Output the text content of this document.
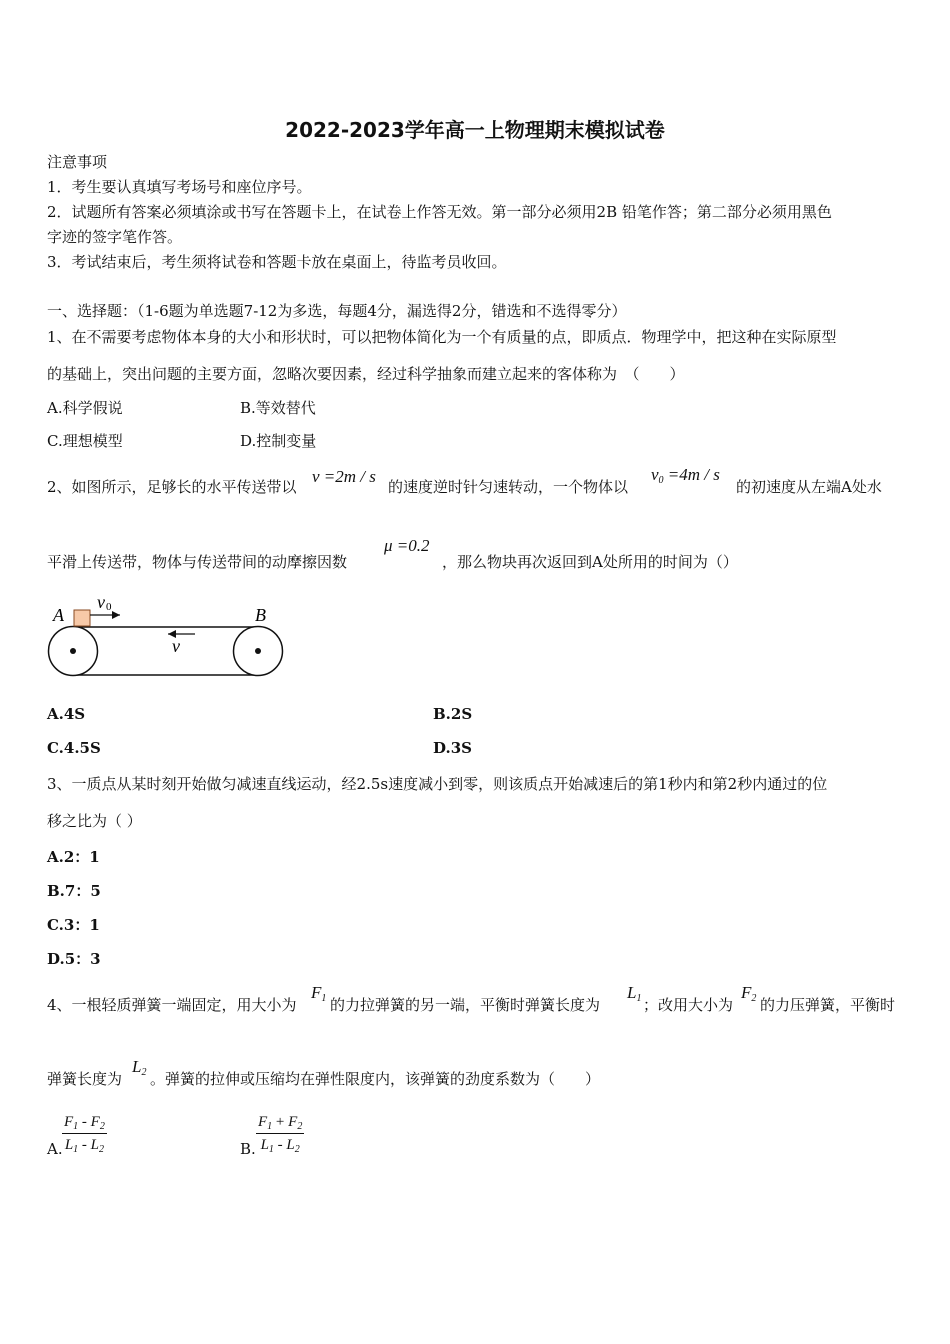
2022-2023学年高一上物理期末模拟试卷
注意事项
1．考生要认真填写考场号和座位序号。
2．试题所有答案必须填涂或书写在答题卡上，在试卷上作答无效。第一部分必须用2B 铅笔作答；第二部分必须用黑色
字迹的签字笔作答。
3．考试结束后，考生须将试卷和答题卡放在桌面上，待监考员收回。
一、选择题：（1-6题为单选题7-12为多选，每题4分，漏选得2分，错选和不选得零分）
1、在不需要考虑物体本身的大小和形状时，可以把物体简化为一个有质量的点，即质点．物理学中，把这种在实际原型
的基础上，突出问题的主要方面，忽略次要因素，经过科学抽象而建立起来的客体称为　（　　）
A.科学假说	B.等效替代
C.理想模型	D.控制变量
2、如图所示，足够长的水平传送带以
v =2m / s
的速度逆时针匀速转动，一个物体以
$v_0 =4m / s$
的初速度从左端A处水
平滑上传送带，物体与传送带间的动摩擦因数
μ =0.2
，那么物块再次返回到A处所用的时间为（）
A	B
v 0
v
A.4S	B.2S
C.4.5S	D.3S
3、一质点从某时刻开始做匀减速直线运动，经2.5s速度减小到零，则该质点开始减速后的第1秒内和第2秒内通过的位
移之比为（ ）
A.2：1
B.7：5
C.3：1
D.5：3
4、一根轻质弹簧一端固定，用大小为
$F_1$ 的力拉弹簧的另一端，平衡时弹簧长度为
$L_1$ ；改用大小为
$F_2$ 的力压弹簧，平衡时
弹簧长度为
$L_2$ 。弹簧的拉伸或压缩均在弹性限度内，该弹簧的劲度系数为（　　）
A. $\frac{F_1 - F_2}{L_1 - L_2}$	B. $\frac{F_1 + F_2}{L_1 - L_2}$
